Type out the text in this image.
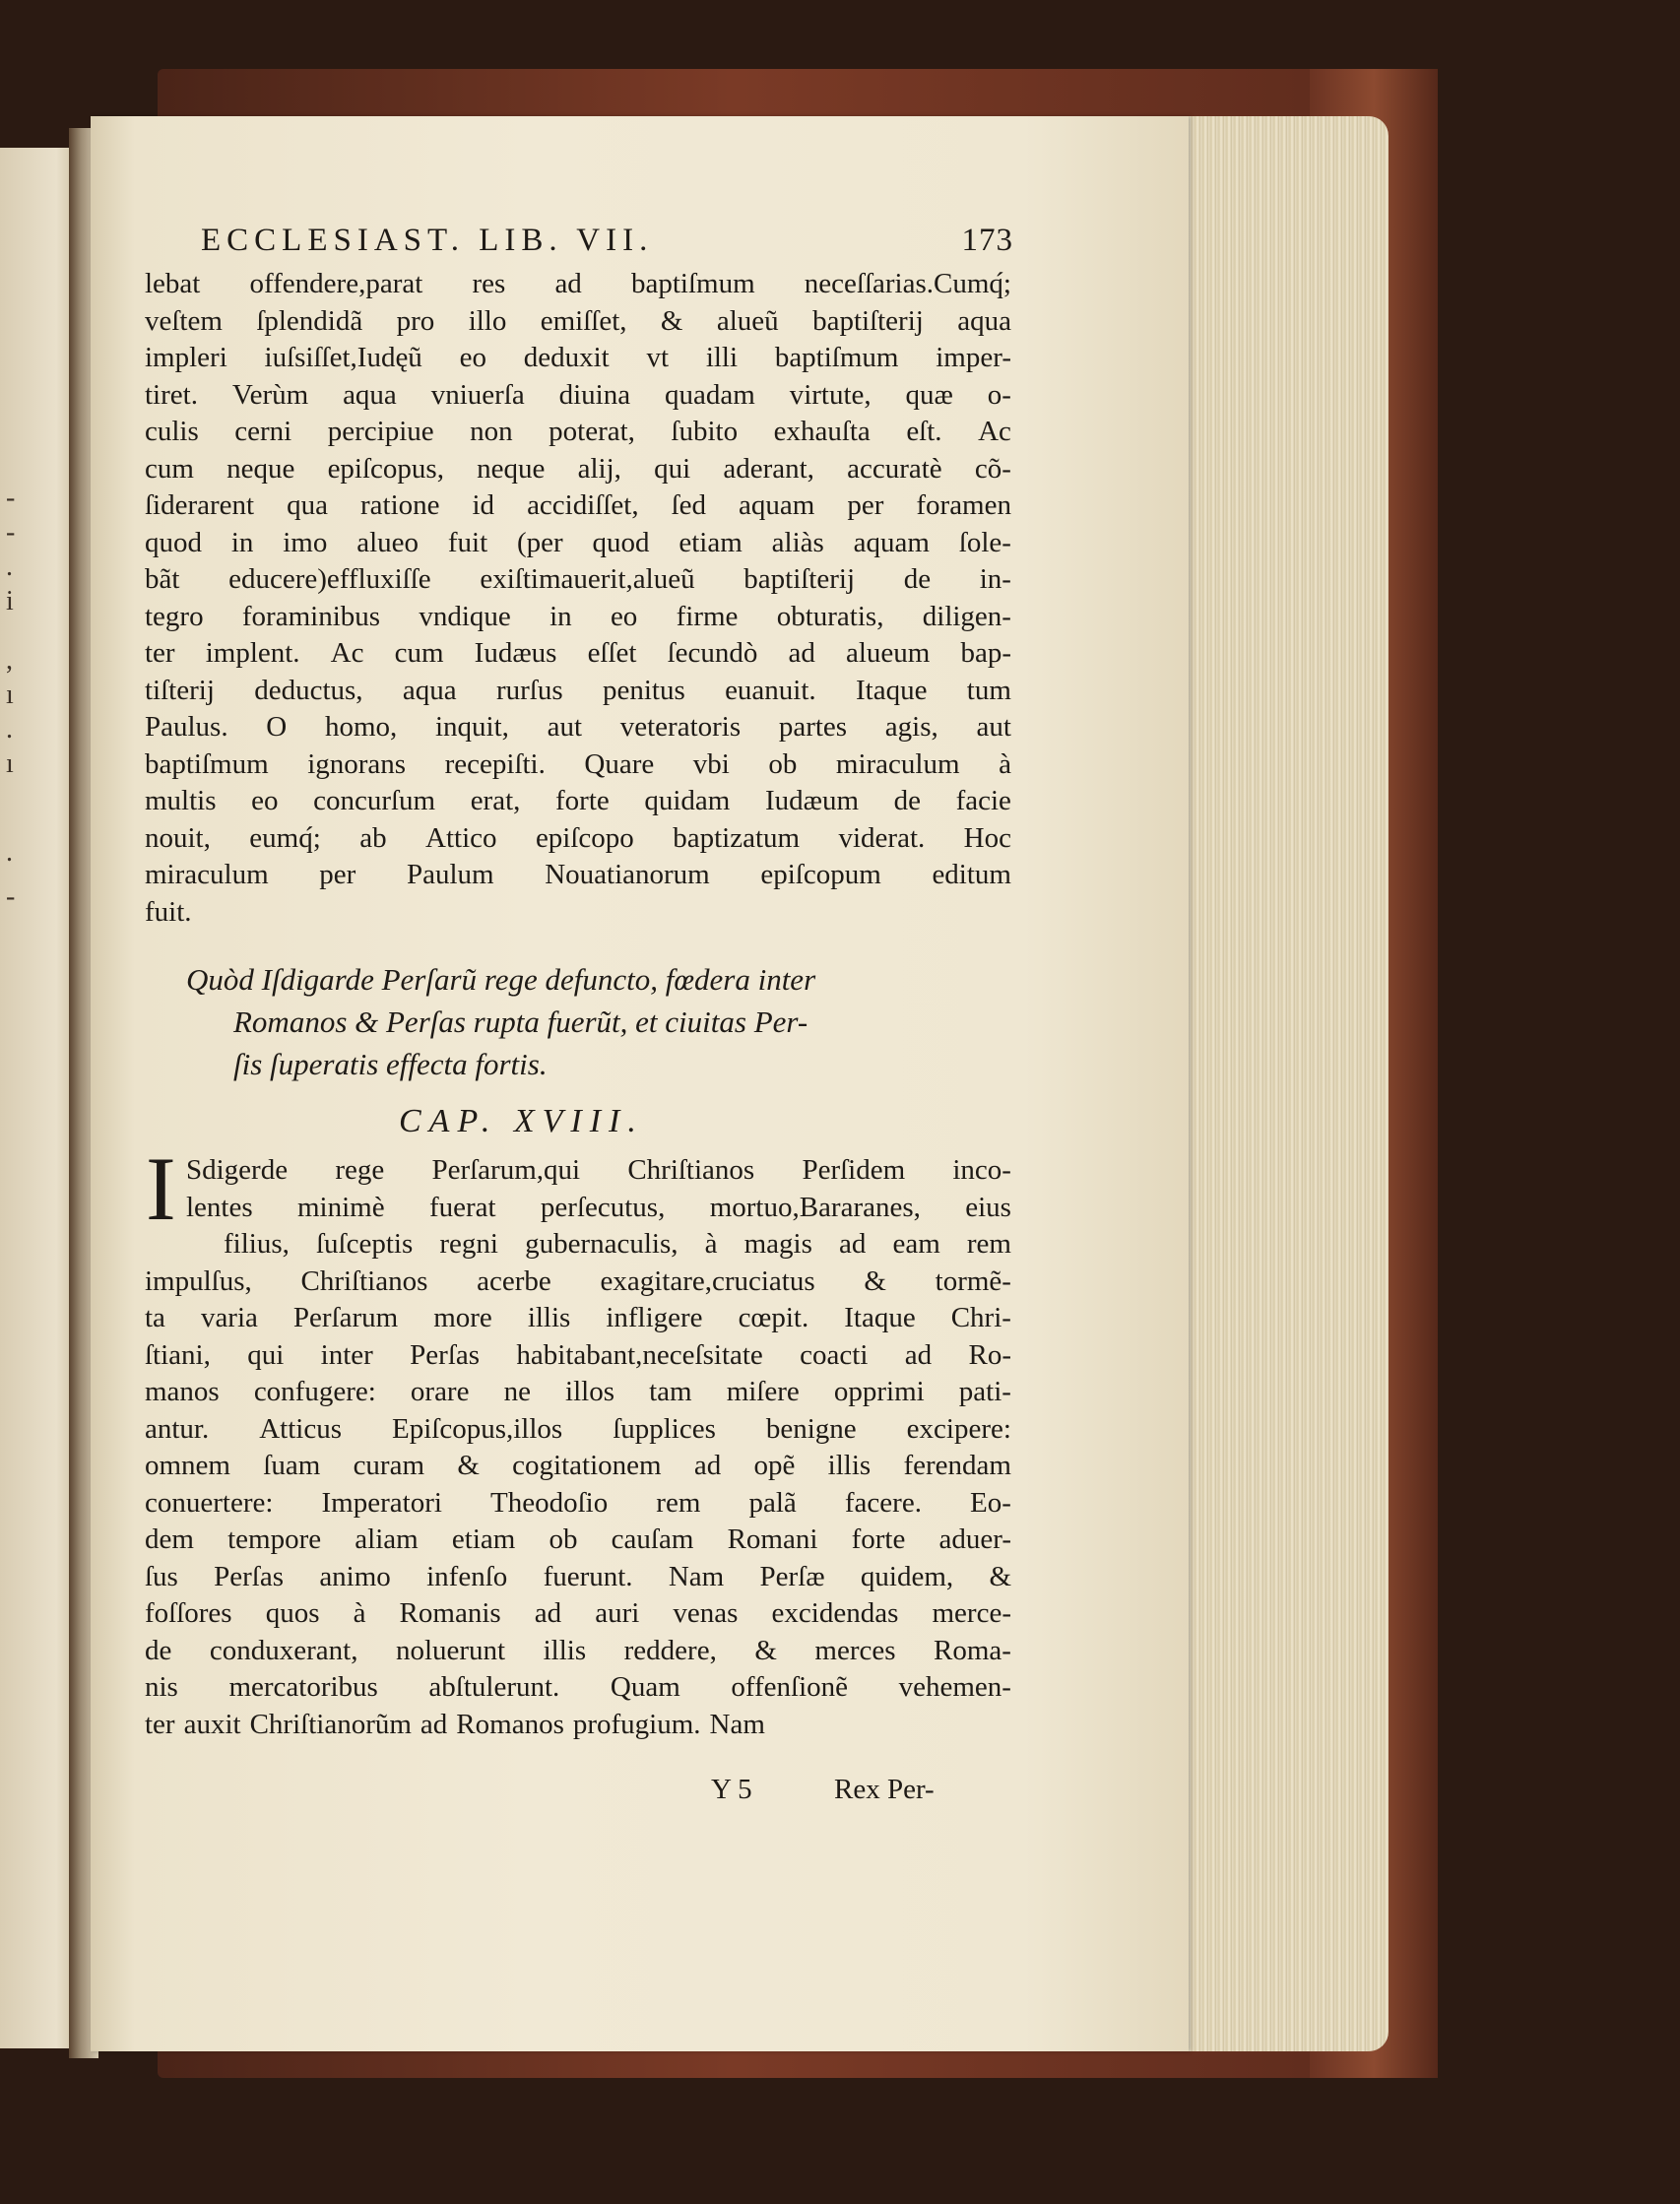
-
-
.
i
,
ı
.
ı
.
-
ECCLESIAST. LIB. VII.	173
lebat offendere,parat res ad baptiſmum neceſſarias.Cumq́;
veſtem ſplendidã pro illo emiſſet, & alueũ baptiſterij aqua
impleri iuſsiſſet,Iudęũ eo deduxit vt illi baptiſmum imper-
tiret. Verùm aqua vniuerſa diuina quadam virtute, quæ o-
culis cerni percipiue non poterat, ſubito exhauſta eſt. Ac
cum neque epiſcopus, neque alij, qui aderant, accuratè cõ-
ſiderarent qua ratione id accidiſſet, ſed aquam per foramen
quod in imo alueo fuit (per quod etiam aliàs aquam ſole-
bãt educere)effluxiſſe exiſtimauerit,alueũ baptiſterij de in-
tegro foraminibus vndique in eo firme obturatis, diligen-
ter implent. Ac cum Iudæus eſſet ſecundò ad alueum bap-
tiſterij deductus, aqua rurſus penitus euanuit. Itaque tum
Paulus. O homo, inquit, aut veteratoris partes agis, aut
baptiſmum ignorans recepiſti. Quare vbi ob miraculum à
multis eo concurſum erat, forte quidam Iudæum de facie
nouit, eumq́; ab Attico epiſcopo baptizatum viderat. Hoc
miraculum per Paulum Nouatianorum epiſcopum editum
fuit.
Quòd Iſdigarde Perſarũ rege defuncto, fœdera inter
Romanos & Perſas rupta fuerũt, et ciuitas Per-
ſis ſuperatis effecta fortis.
CAP. XVIII.
I Sdigerde rege Perſarum,qui Chriſtianos Perſidem inco-
lentes minimè fuerat perſecutus, mortuo,Bararanes, eius
filius, ſuſceptis regni gubernaculis, à magis ad eam rem
impulſus, Chriſtianos acerbe exagitare,cruciatus & tormẽ-
ta varia Perſarum more illis infligere cœpit. Itaque Chri-
ſtiani, qui inter Perſas habitabant,neceſsitate coacti ad Ro-
manos confugere: orare ne illos tam miſere opprimi pati-
antur. Atticus Epiſcopus,illos ſupplices benigne excipere:
omnem ſuam curam & cogitationem ad opẽ illis ferendam
conuertere: Imperatori Theodoſio rem palã facere. Eo-
dem tempore aliam etiam ob cauſam Romani forte aduer-
ſus Perſas animo infenſo fuerunt. Nam Perſæ quidem, &
foſſores quos à Romanis ad auri venas excidendas merce-
de conduxerant, noluerunt illis reddere, & merces Roma-
nis mercatoribus abſtulerunt. Quam offenſionẽ vehemen-
ter auxit Chriſtianorũm ad Romanos profugium. Nam
Y 5	Rex Per-
